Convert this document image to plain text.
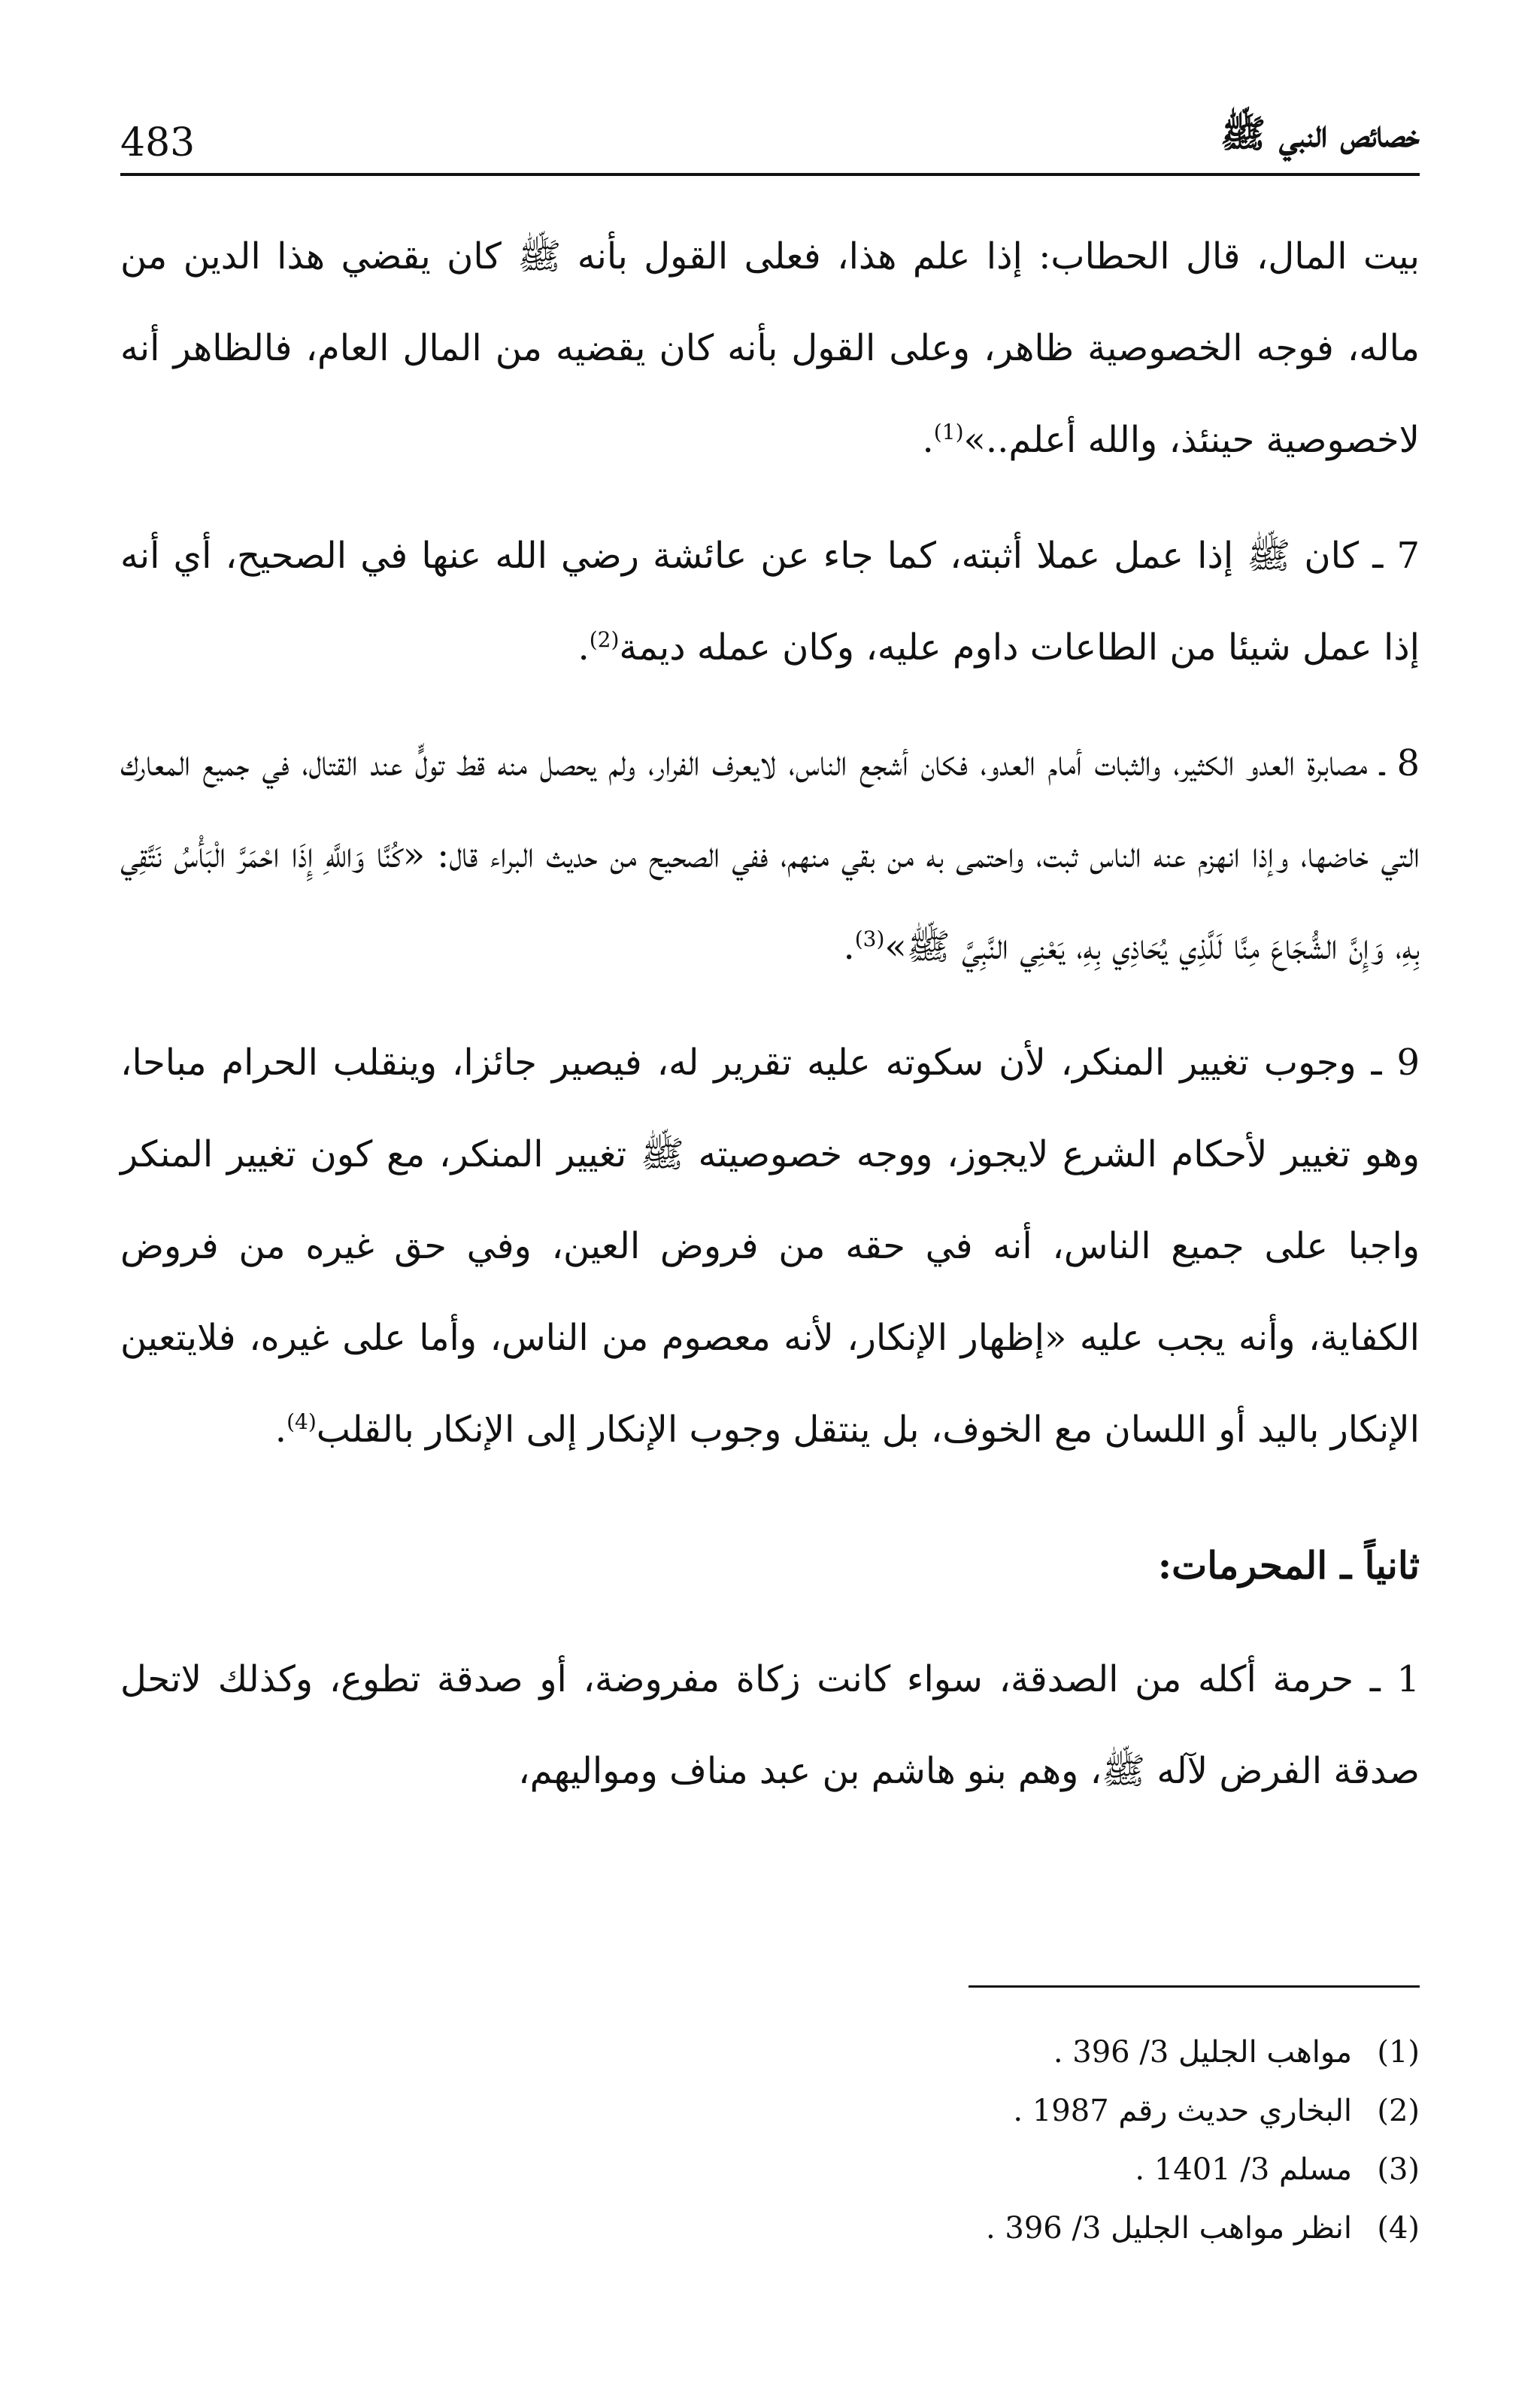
خصائص النبي ﷺ
483

بيت المال، قال الحطاب: إذا علم هذا، فعلى القول بأنه ﷺ كان يقضي هذا الدين من ماله، فوجه الخصوصية ظاهر، وعلى القول بأنه كان يقضيه من المال العام، فالظاهر أنه لاخصوصية حينئذ، والله أعلم..»$^{(1)}$.

7 ـ كان ﷺ إذا عمل عملا أثبته، كما جاء عن عائشة رضي الله عنها في الصحيح، أي أنه إذا عمل شيئا من الطاعات داوم عليه، وكان عمله ديمة$^{(2)}$.

8 ـ مصابرة العدو الكثير، والثبات أمام العدو، فكان أشجع الناس، لايعرف الفرار، ولم يحصل منه قط تولٍّ عند القتال، في جميع المعارك التي خاضها، وإذا انهزم عنه الناس ثبت، واحتمى به من بقي منهم، ففي الصحيح من حديث البراء قال: «كُنَّا وَاللَّهِ إِذَا احْمَرَّ الْبَأْسُ نَتَّقِي بِهِ، وَإِنَّ الشُّجَاعَ مِنَّا لَلَّذِي يُحَاذِي بِهِ، يَعْنِي النَّبِيَّ ﷺ»$^{(3)}$.

9 ـ وجوب تغيير المنكر، لأن سكوته عليه تقرير له، فيصير جائزا، وينقلب الحرام مباحا، وهو تغيير لأحكام الشرع لايجوز، ووجه خصوصيته ﷺ تغيير المنكر، مع كون تغيير المنكر واجبا على جميع الناس، أنه في حقه من فروض العين، وفي حق غيره من فروض الكفاية، وأنه يجب عليه «إظهار الإنكار، لأنه معصوم من الناس، وأما على غيره، فلايتعين الإنكار باليد أو اللسان مع الخوف، بل ينتقل وجوب الإنكار إلى الإنكار بالقلب$^{(4)}$.

ثانياً ـ المحرمات:

1 ـ حرمة أكله من الصدقة، سواء كانت زكاة مفروضة، أو صدقة تطوع، وكذلك لاتحل صدقة الفرض لآله ﷺ، وهم بنو هاشم بن عبد مناف ومواليهم،

(1)مواهب الجليل 3/ 396 .
(2)البخاري حديث رقم 1987 .
(3)مسلم 3/ 1401 .
(4)انظر مواهب الجليل 3/ 396 .
